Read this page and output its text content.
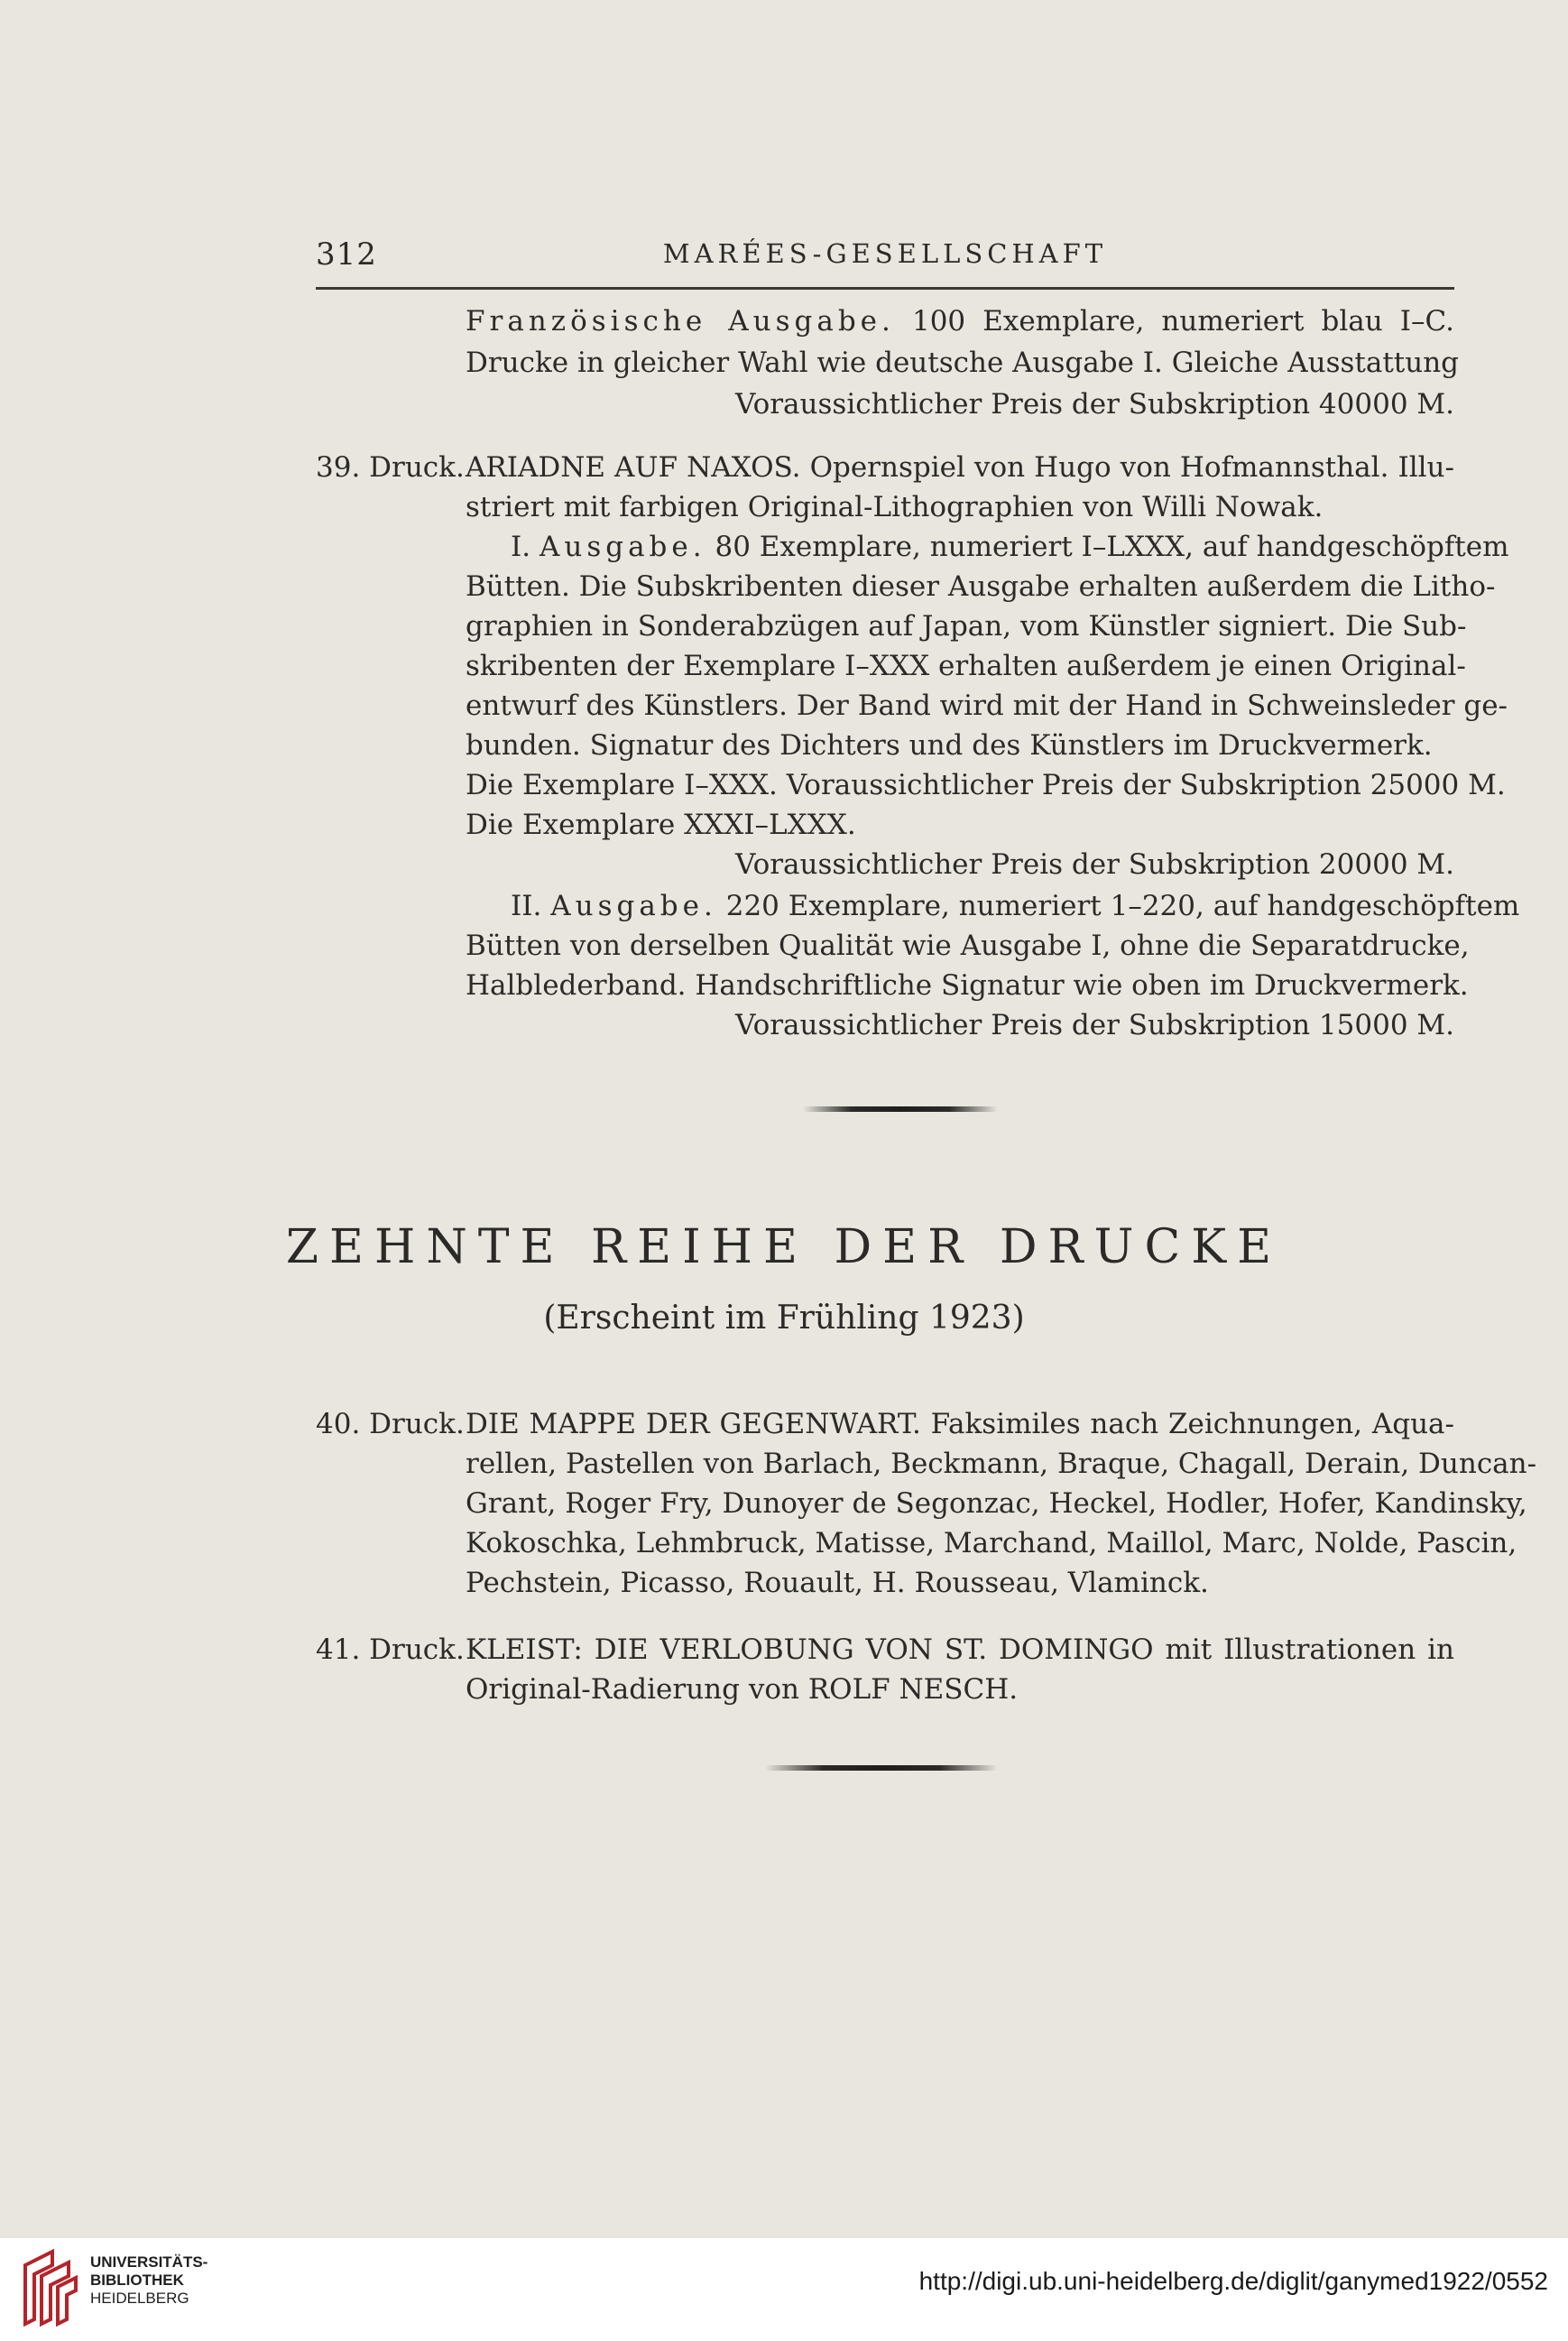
312	MARÉES-GESELLSCHAFT
Französische Ausgabe. 100 Exemplare, numeriert blau I–C.
Drucke in gleicher Wahl wie deutsche Ausgabe I. Gleiche Ausstattung
Voraussichtlicher Preis der Subskription 40000 M.
39. Druck. ARIADNE AUF NAXOS. Opernspiel von Hugo von Hofmannsthal. Illu-
striert mit farbigen Original-Lithographien von Willi Nowak.
I. Ausgabe. 80 Exemplare, numeriert I–LXXX, auf handgeschöpftem
Bütten. Die Subskribenten dieser Ausgabe erhalten außerdem die Litho-
graphien in Sonderabzügen auf Japan, vom Künstler signiert. Die Sub-
skribenten der Exemplare I–XXX erhalten außerdem je einen Original-
entwurf des Künstlers. Der Band wird mit der Hand in Schweinsleder ge-
bunden. Signatur des Dichters und des Künstlers im Druckvermerk.
Die Exemplare I–XXX. Voraussichtlicher Preis der Subskription 25000 M.
Die Exemplare XXXI–LXXX.
Voraussichtlicher Preis der Subskription 20000 M.
II. Ausgabe. 220 Exemplare, numeriert 1–220, auf handgeschöpftem
Bütten von derselben Qualität wie Ausgabe I, ohne die Separatdrucke,
Halblederband. Handschriftliche Signatur wie oben im Druckvermerk.
Voraussichtlicher Preis der Subskription 15000 M.
ZEHNTE REIHE DER DRUCKE
(Erscheint im Frühling 1923)
40. Druck. DIE MAPPE DER GEGENWART. Faksimiles nach Zeichnungen, Aqua-
rellen, Pastellen von Barlach, Beckmann, Braque, Chagall, Derain, Duncan-
Grant, Roger Fry, Dunoyer de Segonzac, Heckel, Hodler, Hofer, Kandinsky,
Kokoschka, Lehmbruck, Matisse, Marchand, Maillol, Marc, Nolde, Pascin,
Pechstein, Picasso, Rouault, H. Rousseau, Vlaminck.
41. Druck. KLEIST: DIE VERLOBUNG VON ST. DOMINGO mit Illustrationen in
Original-Radierung von ROLF NESCH.
UNIVERSITÄTS-
BIBLIOTHEK
HEIDELBERG
http://digi.ub.uni-heidelberg.de/diglit/ganymed1922/0552
